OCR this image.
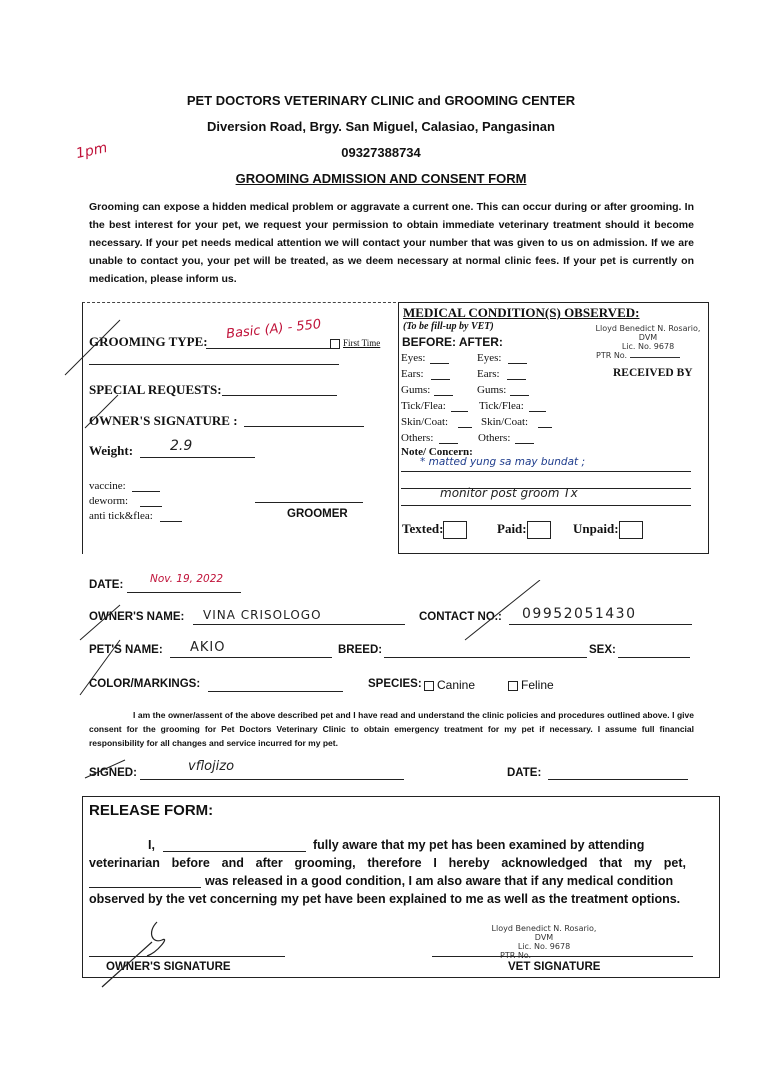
PET DOCTORS VETERINARY CLINIC and GROOMING CENTER
Diversion Road, Brgy. San Miguel, Calasiao, Pangasinan
09327388734
GROOMING ADMISSION AND CONSENT FORM
1pm
Grooming can expose a hidden medical problem or aggravate a current one. This can occur during or after grooming. In the best interest for your pet, we request your permission to obtain immediate veterinary treatment should it become necessary. If your pet needs medical attention we will contact your number that was given to us on admission. If we are unable to contact you, your pet will be treated, as we deem necessary at normal clinic fees. If your pet is currently on medication, please inform us.
GROOMING TYPE: Basic (A) - 550
First Time
SPECIAL REQUESTS:
OWNER'S SIGNATURE :
Weight:	2.9
vaccine:
deworm:
anti tick&flea:	GROOMER
MEDICAL CONDITION(S) OBSERVED:
(To be fill-up by VET)
BEFORE: AFTER:
Lloyd Benedict N. Rosario, DVM
Lic. No. 9678
PTR No.
RECEIVED BY
Eyes:	Eyes:
Ears:	Ears:
Gums:	Gums:
Tick/Flea:	Tick/Flea:
Skin/Coat:	Skin/Coat:
Others:	Others:
Note/ Concern:
* matted yung sa may bundat ;
monitor post groom Tx
Texted:	Paid:	Unpaid:
DATE:	Nov. 19, 2022
OWNER'S NAME: VINA CRISOLOGO	CONTACT NO.: 09952051430
PET'S NAME: AKIO	BREED:	SEX:
COLOR/MARKINGS:	SPECIES:	Canine	Feline
I am the owner/assent of the above described pet and I have read and understand the clinic policies and procedures outlined above. I give consent for the grooming for Pet Doctors Veterinary Clinic to obtain emergency treatment for my pet if necessary. I assume full financial responsibility for all changes and service incurred for my pet.
SIGNED:	vflojizo	DATE:
RELEASE FORM:
I,	fully aware that my pet has been examined by attending
veterinarian before and after grooming, therefore I hereby acknowledged that my pet,
was released in a good condition, I am also aware that if any medical condition
observed by the vet concerning my pet have been explained to me as well as the treatment options.
Lloyd Benedict N. Rosario, DVM
Lic. No. 9678
PTR No.
OWNER'S SIGNATURE	VET SIGNATURE
